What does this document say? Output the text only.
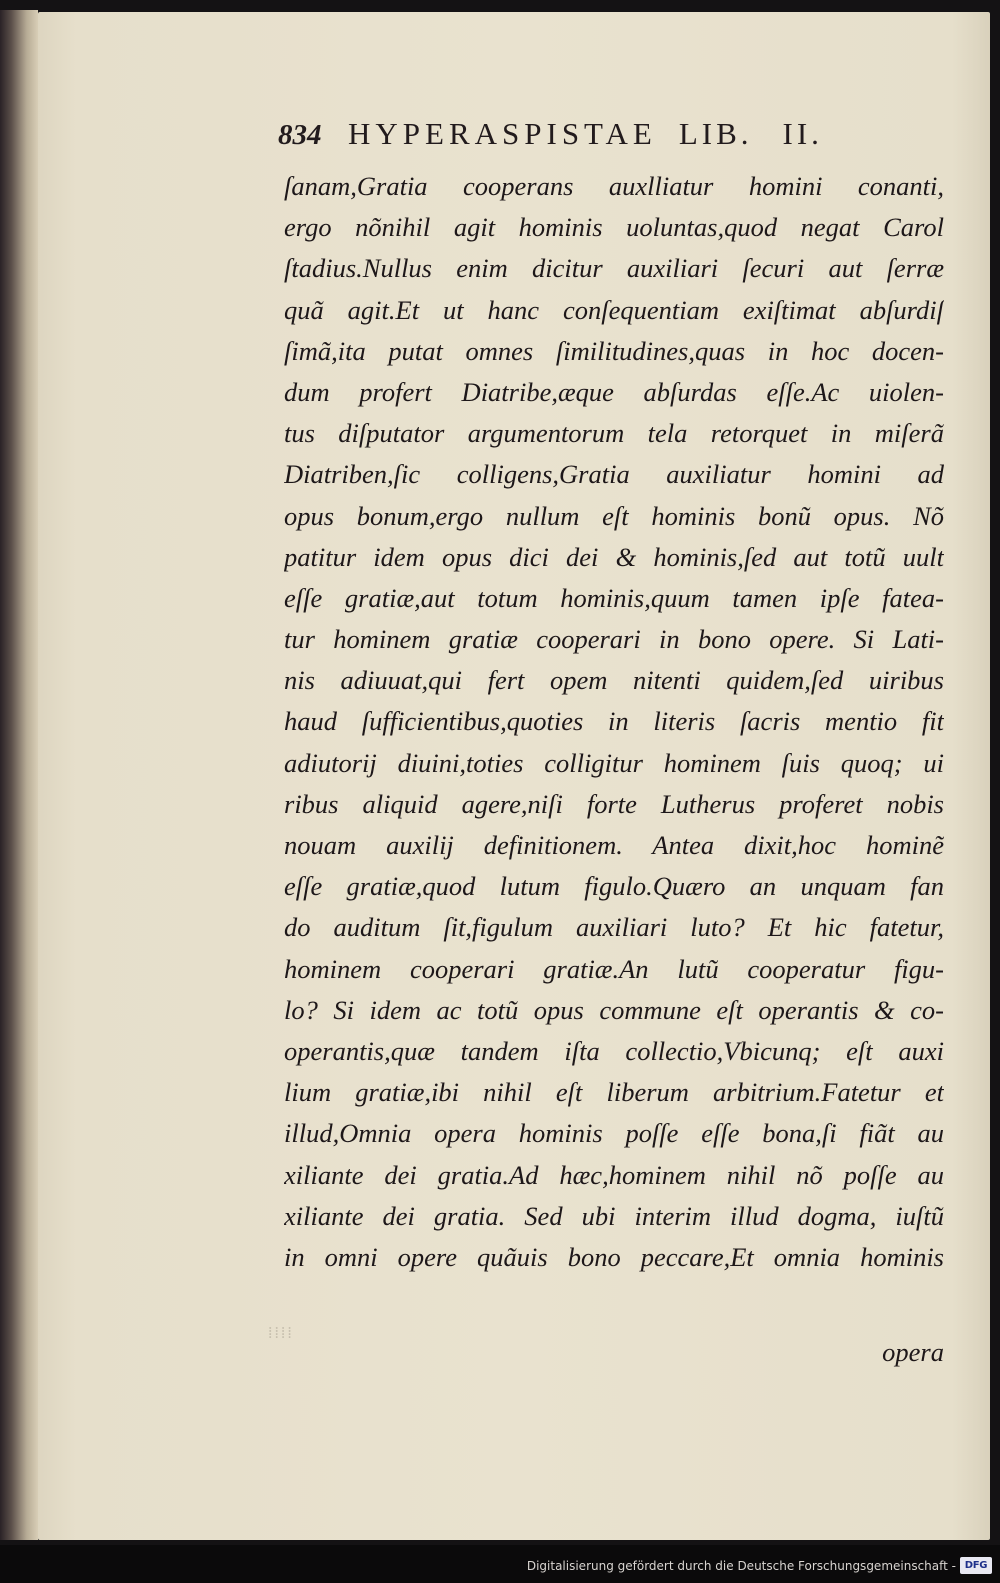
834 HYPERASPISTAE LIB. II.
ſanam,Gratia cooperans auxlliatur homini conanti,
ergo nõnihil agit hominis uoluntas,quod negat Carol
ſtadius.Nullus enim dicitur auxiliari ſecuri aut ſerræ
quã agit.Et ut hanc conſequentiam exiſtimat abſurdiſ
ſimã,ita putat omnes ſimilitudines,quas in hoc docen-
dum profert Diatribe,æque abſurdas eſſe.Ac uiolen-
tus diſputator argumentorum tela retorquet in miſerã
Diatriben,ſic colligens,Gratia auxiliatur homini ad
opus bonum,ergo nullum eſt hominis bonũ opus. Nõ
patitur idem opus dici dei & hominis,ſed aut totũ uult
eſſe gratiæ,aut totum hominis,quum tamen ipſe fatea-
tur hominem gratiæ cooperari in bono opere. Si Lati-
nis adiuuat,qui fert opem nitenti quidem,ſed uiribus
haud ſufficientibus,quoties in literis ſacris mentio fit
adiutorij diuini,toties colligitur hominem ſuis quoq; ui
ribus aliquid agere,niſi forte Lutherus proferet nobis
nouam auxilij definitionem. Antea dixit,hoc hominẽ
eſſe gratiæ,quod lutum figulo.Quæro an unquam fan
do auditum ſit,figulum auxiliari luto? Et hic fatetur,
hominem cooperari gratiæ.An lutũ cooperatur figu-
lo? Si idem ac totũ opus commune eſt operantis & co-
operantis,quæ tandem iſta collectio,Vbicunq; eſt auxi
lium gratiæ,ibi nihil eſt liberum arbitrium.Fatetur et
illud,Omnia opera hominis poſſe eſſe bona,ſi fiãt au
xiliante dei gratia.Ad hæc,hominem nihil nõ poſſe au
xiliante dei gratia. Sed ubi interim illud dogma, iuſtũ
in omni opere quãuis bono peccare,Et omnia hominis
opera
⁞⁞⁞⁞
Digitalisierung gefördert durch die Deutsche Forschungsgemeinschaft - DFG
